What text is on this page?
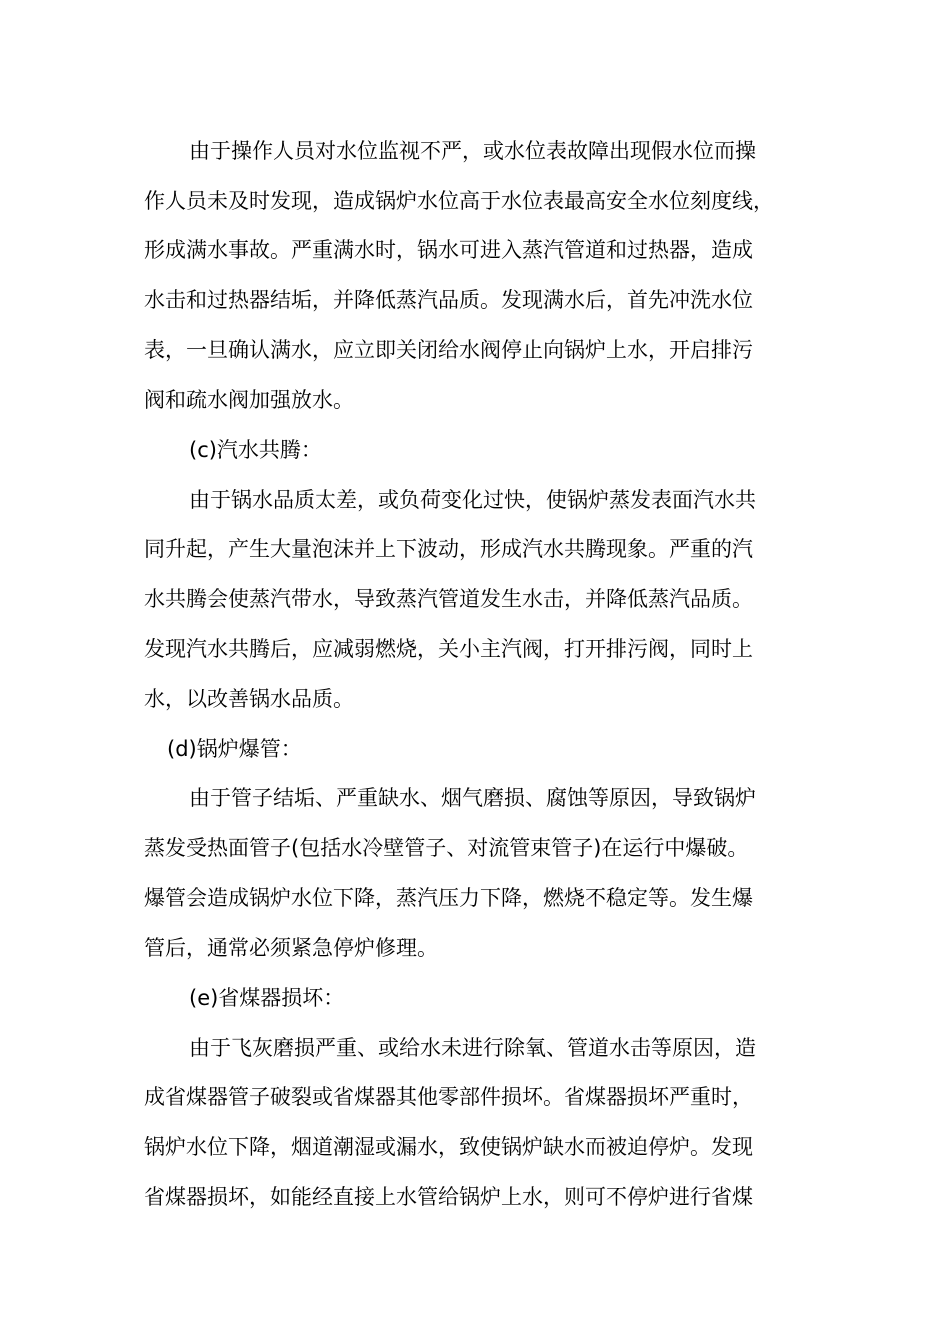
由于操作人员对水位监视不严，或水位表故障出现假水位而操
作人员未及时发现，造成锅炉水位高于水位表最高安全水位刻度线，
形成满水事故。严重满水时，锅水可进入蒸汽管道和过热器，造成
水击和过热器结垢，并降低蒸汽品质。发现满水后，首先冲洗水位
表，一旦确认满水，应立即关闭给水阀停止向锅炉上水，开启排污
阀和疏水阀加强放水。
(c)汽水共腾：
由于锅水品质太差，或负荷变化过快，使锅炉蒸发表面汽水共
同升起，产生大量泡沫并上下波动，形成汽水共腾现象。严重的汽
水共腾会使蒸汽带水，导致蒸汽管道发生水击，并降低蒸汽品质。
发现汽水共腾后，应减弱燃烧，关小主汽阀，打开排污阀，同时上
水，以改善锅水品质。
(d)锅炉爆管：
由于管子结垢、严重缺水、烟气磨损、腐蚀等原因，导致锅炉
蒸发受热面管子(包括水冷壁管子、对流管束管子)在运行中爆破。
爆管会造成锅炉水位下降，蒸汽压力下降，燃烧不稳定等。发生爆
管后，通常必须紧急停炉修理。
(e)省煤器损坏：
由于飞灰磨损严重、或给水未进行除氧、管道水击等原因，造
成省煤器管子破裂或省煤器其他零部件损坏。省煤器损坏严重时，
锅炉水位下降，烟道潮湿或漏水，致使锅炉缺水而被迫停炉。发现
省煤器损坏，如能经直接上水管给锅炉上水，则可不停炉进行省煤
